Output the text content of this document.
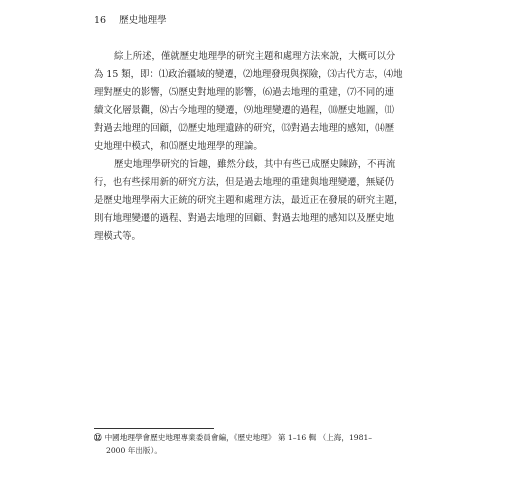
16 歷史地理學

綜上所述，僅就歷史地理學的研究主題和處理方法來說，大概可以分
為 15 類，即：⑴政治疆域的變遷，⑵地理發現與探險，⑶古代方志，⑷地
理對歷史的影響，⑸歷史對地理的影響，⑹過去地理的重建，⑺不同的連
續文化層景觀，⑻古今地理的變遷，⑼地理變遷的過程，⑽歷史地圖，⑾
對過去地理的回顧，⑿歷史地理遺跡的研究，⒀對過去地理的感知，⒁歷
史地理中模式，和⒂歷史地理學的理論。

歷史地理學研究的旨趣，雖然分歧，其中有些已成歷史陳跡，不再流
行，也有些採用新的研究方法，但是過去地理的重建與地理變遷，無疑仍
是歷史地理學兩大正統的研究主題和處理方法，最近正在發展的研究主題，
則有地理變遷的過程、對過去地理的回顧、對過去地理的感知以及歷史地
理模式等。

⑫ 中國地理學會歷史地理專業委員會編，《歷史地理》 第 1–16 輯 （上海，1981–
2000 年出版）。
